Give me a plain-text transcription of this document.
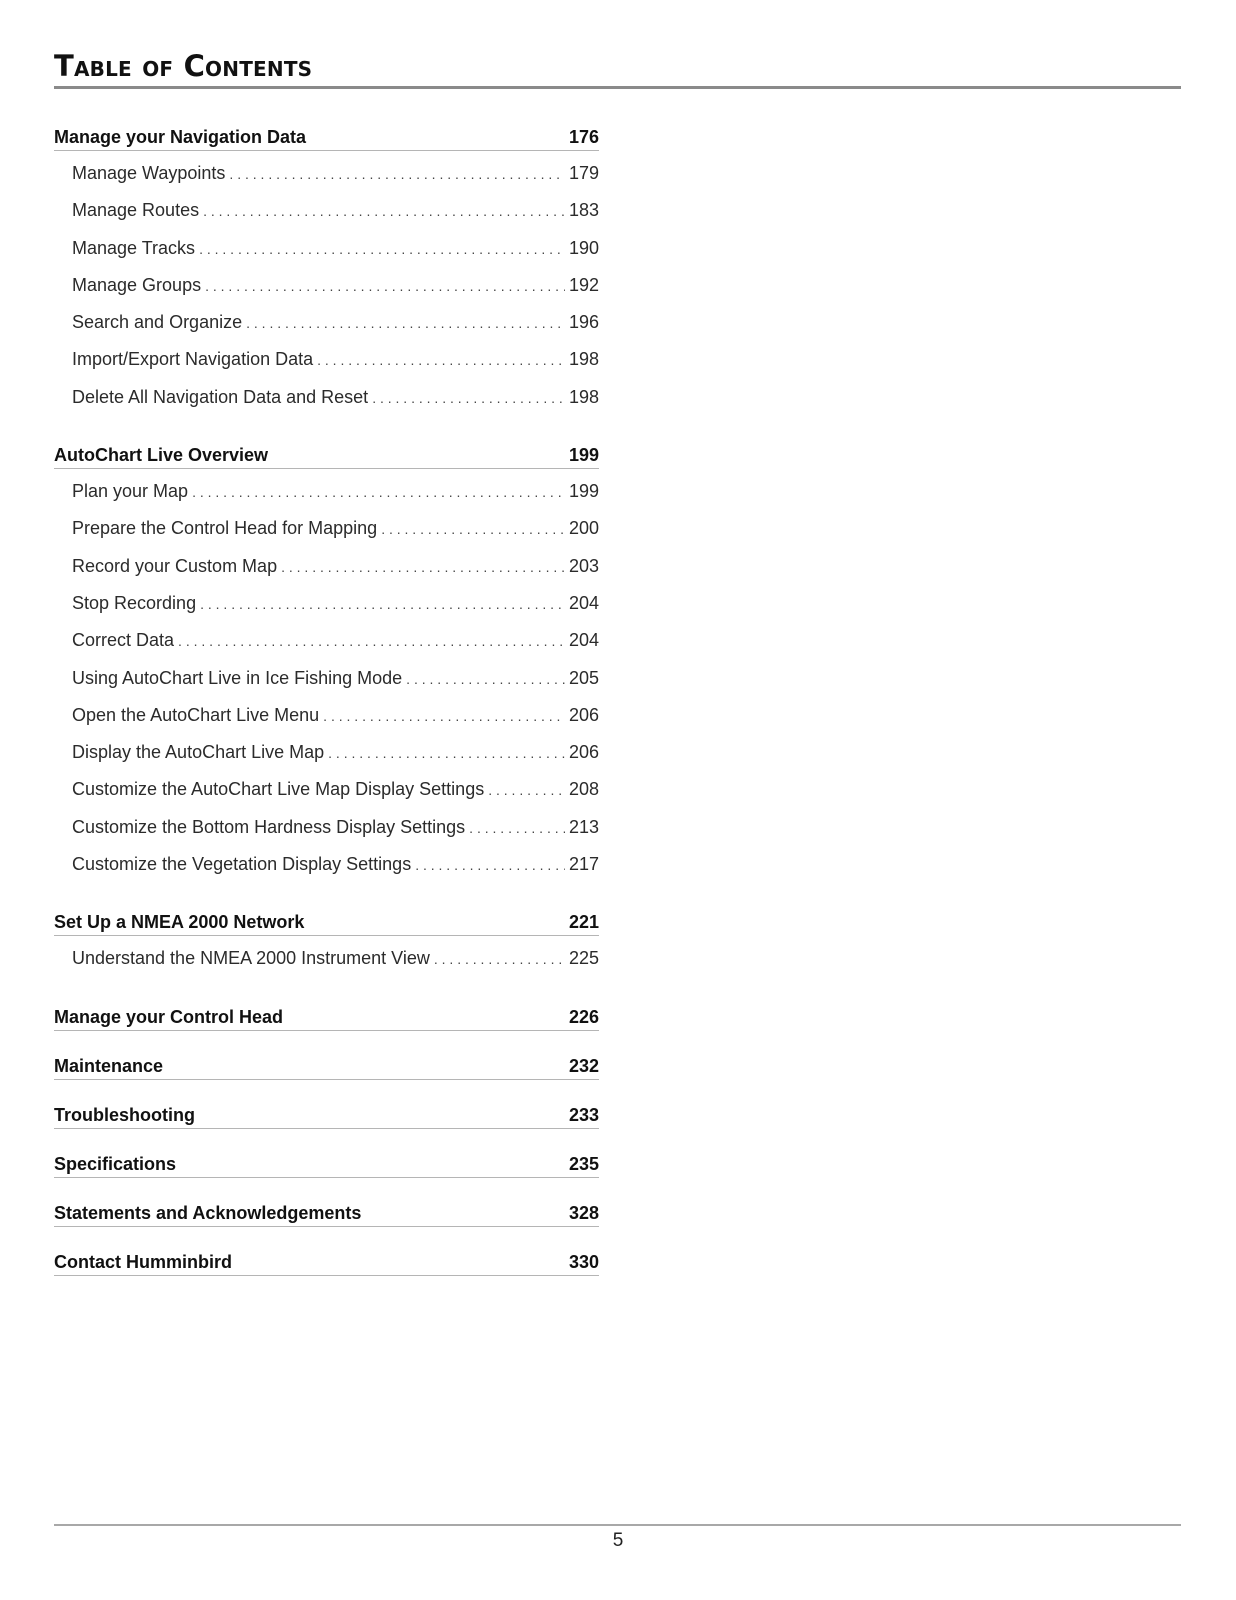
Table of Contents
Manage your Navigation Data	176
Manage Waypoints . . .	179
Manage Routes . . .	183
Manage Tracks . . .	190
Manage Groups . . .	192
Search and Organize . . .	196
Import/Export Navigation Data . . .	198
Delete All Navigation Data and Reset . . .	198
AutoChart Live Overview	199
Plan your Map . . .	199
Prepare the Control Head for Mapping . . .	200
Record your Custom Map . . .	203
Stop Recording . . .	204
Correct Data . . .	204
Using AutoChart Live in Ice Fishing Mode . . .	205
Open the AutoChart Live Menu . . .	206
Display the AutoChart Live Map . . .	206
Customize the AutoChart Live Map Display Settings . . .	208
Customize the Bottom Hardness Display Settings . . .	213
Customize the Vegetation Display Settings . . .	217
Set Up a NMEA 2000 Network	221
Understand the NMEA 2000 Instrument View . . .	225
Manage your Control Head	226
Maintenance	232
Troubleshooting	233
Specifications	235
Statements and Acknowledgements	328
Contact Humminbird	330
5
